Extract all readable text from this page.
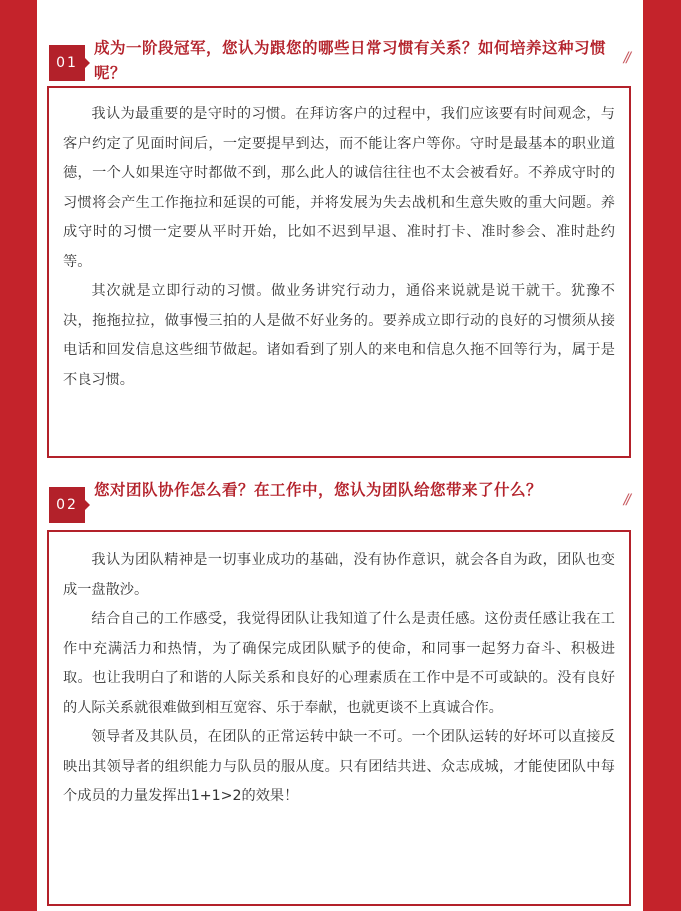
01
成为一阶段冠军，您认为跟您的哪些日常习惯有关系？如何培养这种习惯呢？
//

我认为最重要的是守时的习惯。在拜访客户的过程中，我们应该要有时间观念，与客户约定了见面时间后，一定要提早到达，而不能让客户等你。守时是最基本的职业道德，一个人如果连守时都做不到，那么此人的诚信往往也不太会被看好。不养成守时的习惯将会产生工作拖拉和延误的可能，并将发展为失去战机和生意失败的重大问题。养成守时的习惯一定要从平时开始，比如不迟到早退、准时打卡、准时参会、准时赴约等。

其次就是立即行动的习惯。做业务讲究行动力，通俗来说就是说干就干。犹豫不决，拖拖拉拉，做事慢三拍的人是做不好业务的。要养成立即行动的良好的习惯须从接电话和回发信息这些细节做起。诸如看到了别人的来电和信息久拖不回等行为，属于是不良习惯。

02
您对团队协作怎么看？在工作中，您认为团队给您带来了什么？
//

我认为团队精神是一切事业成功的基础，没有协作意识，就会各自为政，团队也变成一盘散沙。

结合自己的工作感受，我觉得团队让我知道了什么是责任感。这份责任感让我在工作中充满活力和热情，为了确保完成团队赋予的使命，和同事一起努力奋斗、积极进取。也让我明白了和谐的人际关系和良好的心理素质在工作中是不可或缺的。没有良好的人际关系就很难做到相互宽容、乐于奉献，也就更谈不上真诚合作。

领导者及其队员，在团队的正常运转中缺一不可。一个团队运转的好坏可以直接反映出其领导者的组织能力与队员的服从度。只有团结共进、众志成城，才能使团队中每个成员的力量发挥出1+1>2的效果！
